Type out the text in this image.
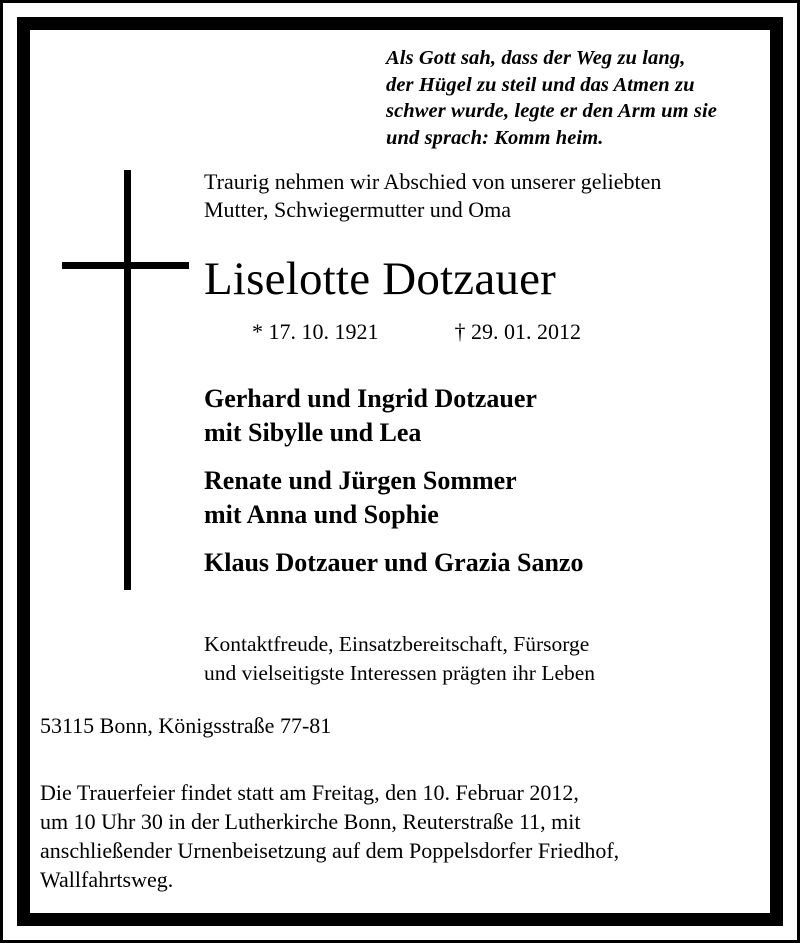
Als Gott sah, dass der Weg zu lang,
der Hügel zu steil und das Atmen zu
schwer wurde, legte er den Arm um sie
und sprach: Komm heim.
Traurig nehmen wir Abschied von unserer geliebten
Mutter, Schwiegermutter und Oma
Liselotte Dotzauer
* 17. 10. 1921	† 29. 01. 2012
Gerhard und Ingrid Dotzauer
mit Sibylle und Lea
Renate und Jürgen Sommer
mit Anna und Sophie
Klaus Dotzauer und Grazia Sanzo
Kontaktfreude, Einsatzbereitschaft, Fürsorge
und vielseitigste Interessen prägten ihr Leben
53115 Bonn, Königsstraße 77-81
Die Trauerfeier findet statt am Freitag, den 10. Februar 2012,
um 10 Uhr 30 in der Lutherkirche Bonn, Reuterstraße 11, mit
anschließender Urnenbeisetzung auf dem Poppelsdorfer Friedhof,
Wallfahrtsweg.
